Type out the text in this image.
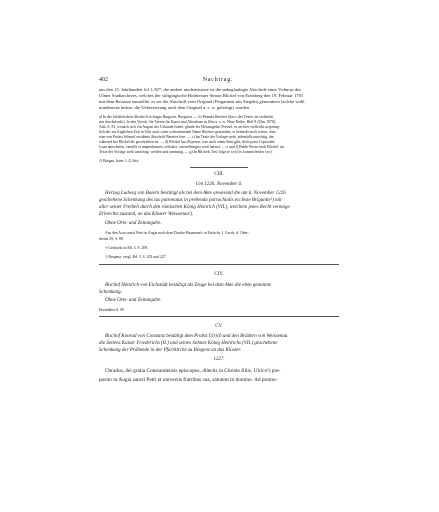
402	Nachtrag.
aus den 15. Jahrhundert fol. LXI*, die andere modernisierte ist die unbeglaubigte Abschrift eines Vidimus des
Ulmer Stadtarchives, welches der stiftgingische Hofmeister Simon Blickel von Eratsberg den 19. Februar 1701
mit dem Beisatze ausstellte, es sei die Abschrift vom Original (Pergament mit Siegeln) genommen (solche wohl
mindestens bisher: die Uebersetzung nach dem Original u. s. w. gefertigt) wurden.
a) In der blickleischen Abschrift richtiger Burgwes, Burgwen. — b) Ebenda Bereiter (das s des Textes ist vielleicht
nur durchdruckt). In den Versch. für Verein für Kunst und Alterthum in Ulm u. s. w. Neue Reihe, Heft 8 (Ulm 1870),
Anh. S. 81, wonach sich ein August der Urkunde findet, glaubt der Herausgeber Pressel, es sei hier vielleicht ursprüng-
lich der zur fraglichen Zeit in Ulm auch sonst vorkommende Name Bereiter gestanden; er bemerkt noch weiter, dass
eine von Probst Schmid erwähnte Abschrift Bereiter lese. — c) Im Texte der Vorlage steht, jedenfalls unrichtig, der,
während bei Blickel dir geschrieben ist. — d) Blickel hat (Erpesen, was auch einen Sinn gibt; doch passt Urpesolen
(cum amechulus, careifle et ampenbansen, orbtdaer, caterrelhingeri renti hacnat. — e und f) Beide Worte nach Blickel, im
Texte der Vorlage steht unrichtig: weiden und ramming. — g) In Blickels Text folgt se wol (es kommt beides vor).
1) Burgau, baier. L.G.Sitz.
CIII.
Um 1226. November 6.
Herzog Ludwig von Baiern bestätigt als bei dem Akte anwesend die am 6. November 1226
geschehene Schenkung des ius patronatus in prebenda parrochialis ecclesie Briguntie¹) mit
aller seiner Freiheit durch den römischen König Heinrich (VII.), welchem jenes Recht vermöge
Erbrechts zustand, an das Kloster Weissenau²).
Ohne Orts- und Zeitangabe.
Aus den Acta sancti Petri in Augia nach dem Drucke Baumann's in Zeitschr. f. Gesch. d. Ober-
rheins 29, S. 88.
¹) Gedruckt in Bd. 3, S. 209.
¹) Bregenz, vergl. Bd. 3, S. 203 und 227.
CIV.
Bischof Heinrich von Eichstädt bestätigt als Zeuge bei dem Akte die eben genannte
Schenkung.
Ohne Orts- und Zeitangabe.
Ebendaher S. 89.
CV.
Bischof Konrad von Constanz bestätigt dem Probst Ulrich und den Brüdern von Weissenau
die Seitens Kaiser Friederichs (II.) und seines Sohnes König Heinrichs (VII.) geschehene
Schenkung der Präbende in der Pfarrkirche zu Bregenz an das Kloster.
1227.
Cͦnradus, dei gratia Constantiensis episcopus, dilectis in Christo filiis, Ulrico¹) pre-
posito in Augia sancti Petri et universis fratribus sua, salutem in domino. Ad promo-
